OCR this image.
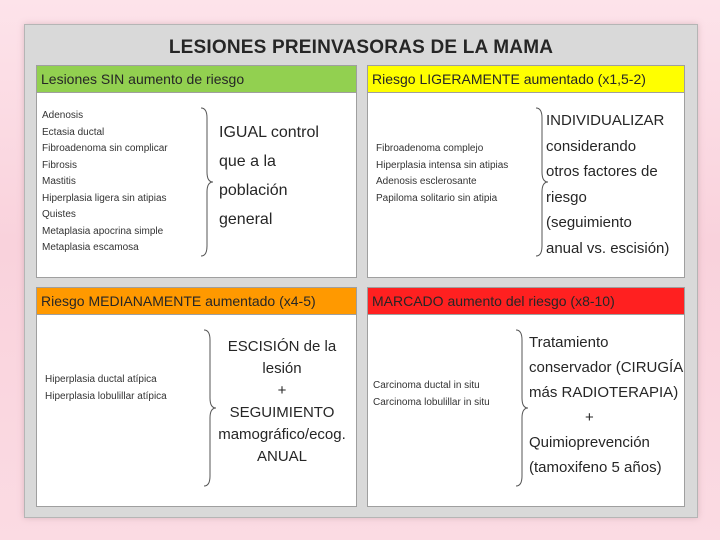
LESIONES PREINVASORAS DE LA MAMA
Lesiones SIN aumento de riesgo
Adenosis
Ectasia ductal
Fibroadenoma sin complicar
Fibrosis
Mastitis
Hiperplasia ligera sin atipias
Quistes
Metaplasia apocrina simple
Metaplasia escamosa
IGUAL control
que a la
población
general
Riesgo LIGERAMENTE aumentado (x1,5-2)
Fibroadenoma complejo
Hiperplasia intensa sin atipias
Adenosis esclerosante
Papiloma solitario sin atipia
INDIVIDUALIZAR
considerando
otros factores de
riesgo
(seguimiento
anual vs. escisión)
Riesgo MEDIANAMENTE aumentado (x4-5)
Hiperplasia ductal atípica
Hiperplasia lobulillar atípica
ESCISIÓN de la lesión
+
SEGUIMIENTO
mamográfico/ecog.
ANUAL
MARCADO aumento del riesgo (x8-10)
Carcinoma ductal in situ
Carcinoma lobulillar in situ
Tratamiento
conservador (CIRUGÍA
más RADIOTERAPIA)
+
Quimioprevención
(tamoxifeno 5 años)
